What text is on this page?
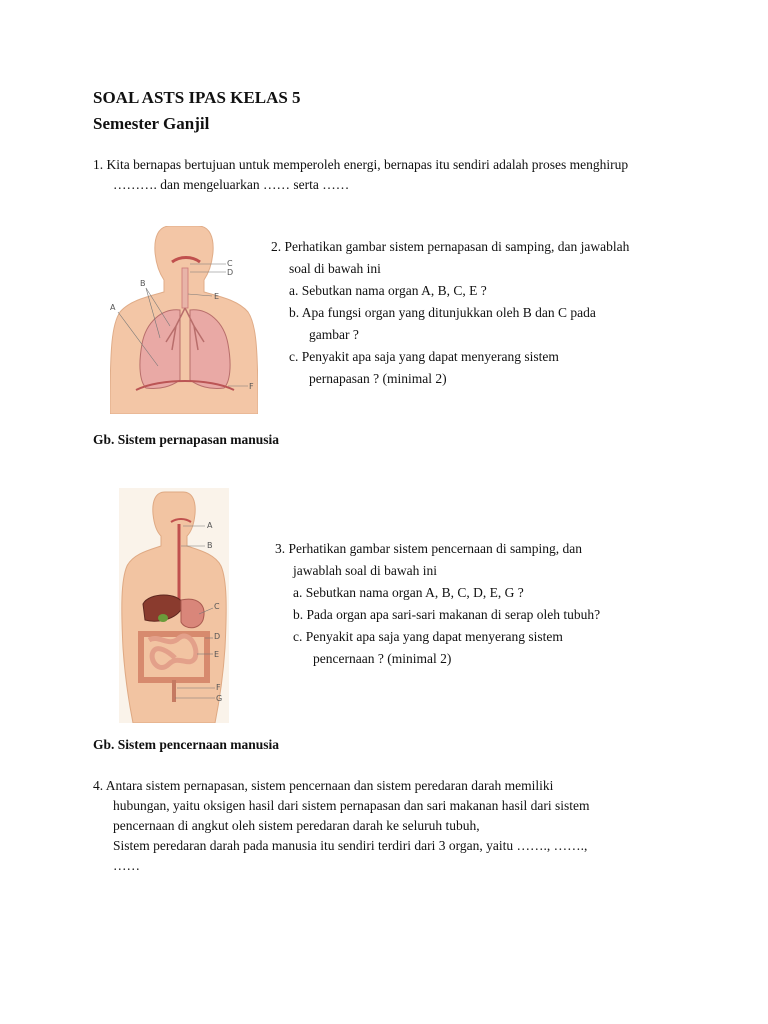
SOAL ASTS IPAS KELAS 5
Semester Ganjil
1. Kita bernapas bertujuan untuk memperoleh energi, bernapas itu sendiri adalah proses menghirup
………. dan mengeluarkan …… serta ……
C
D
E
B
A
F
2. Perhatikan gambar sistem pernapasan di samping, dan jawablah
soal di bawah ini
a. Sebutkan nama organ A, B, C, E ?
b. Apa fungsi organ yang ditunjukkan oleh B dan C pada
gambar ?
c. Penyakit apa saja yang dapat menyerang sistem
pernapasan ? (minimal 2)
Gb. Sistem pernapasan manusia
A
B
C
D
E
F
G
3. Perhatikan gambar sistem pencernaan di samping, dan
jawablah soal di bawah ini
a. Sebutkan nama organ A, B, C, D, E, G ?
b. Pada organ apa sari-sari makanan di serap oleh tubuh?
c. Penyakit apa saja yang dapat menyerang sistem
pencernaan ? (minimal 2)
Gb. Sistem pencernaan manusia

4. Antara sistem pernapasan, sistem pencernaan dan sistem peredaran darah memiliki

hubungan, yaitu oksigen hasil dari sistem pernapasan dan sari makanan hasil dari sistem

pencernaan di angkut oleh sistem peredaran darah ke seluruh tubuh,

Sistem peredaran darah pada manusia itu sendiri terdiri dari 3 organ, yaitu ……., …….,

……
